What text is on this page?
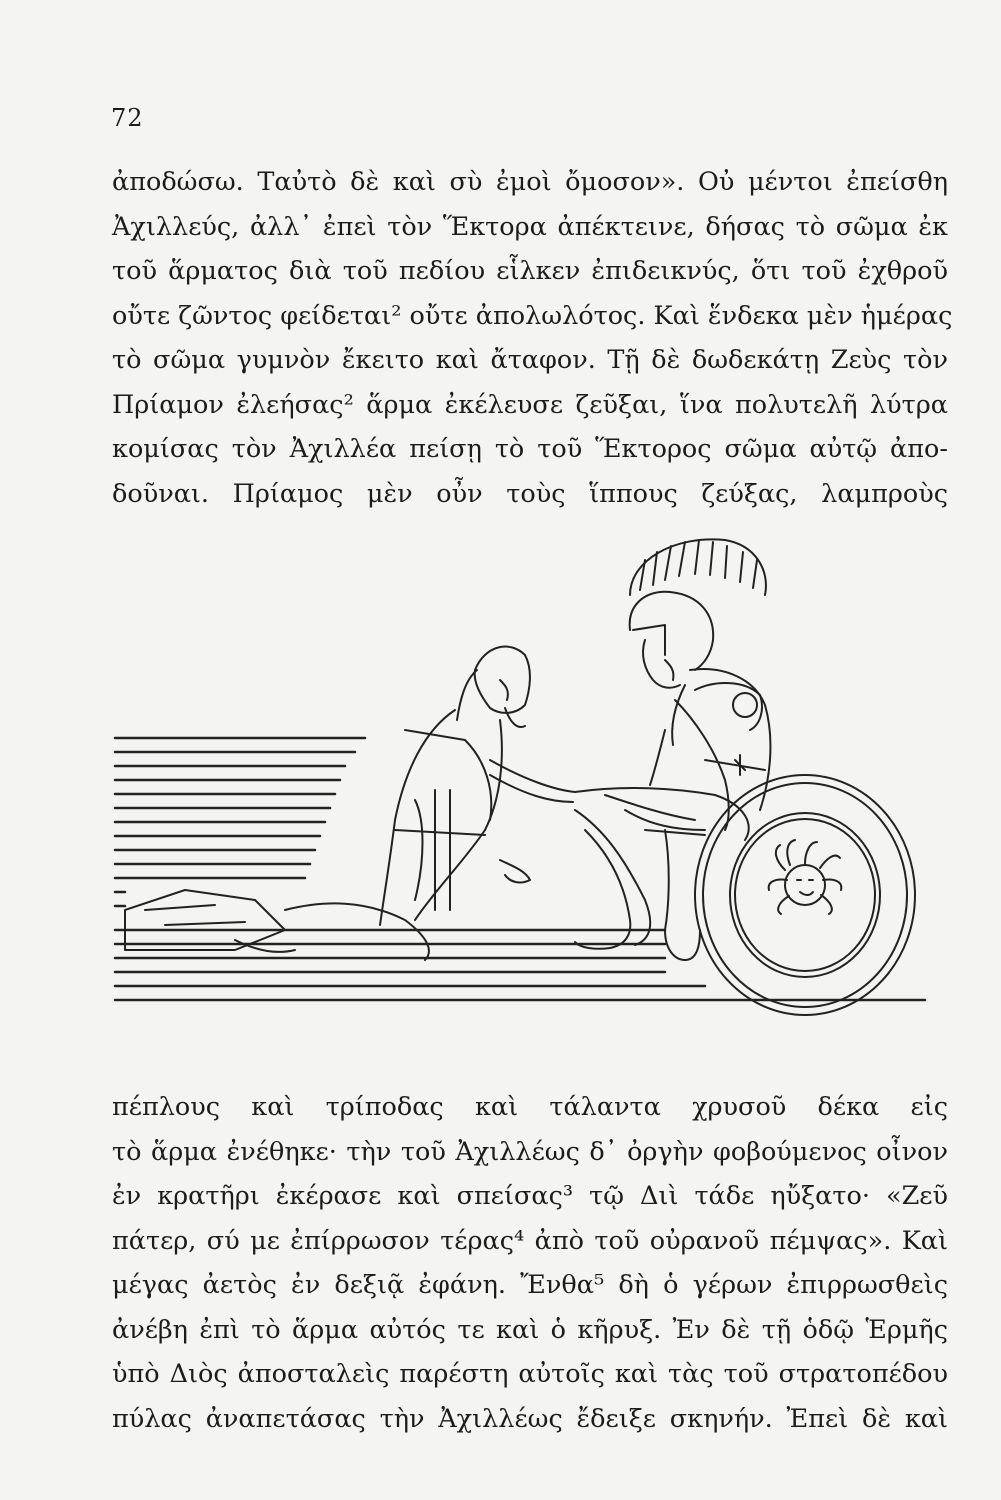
72
ἀποδώσω. Ταὐτὸ δὲ καὶ σὺ ἐμοὶ ὄμοσον». Οὐ μέντοι ἐπείσθη
Ἀχιλλεύς, ἀλλ᾽ ἐπεὶ τὸν Ἕκτορα ἀπέκτεινε, δήσας τὸ σῶμα ἐκ
τοῦ ἅρματος διὰ τοῦ πεδίου εἷλκεν ἐπιδεικνύς, ὅτι τοῦ ἐχθροῦ
οὔτε ζῶντος φείδεται² οὔτε ἀπολωλότος. Καὶ ἕνδεκα μὲν ἡμέρας
τὸ σῶμα γυμνὸν ἔκειτο καὶ ἄταφον. Τῇ δὲ δωδεκάτῃ Ζεὺς τὸν
Πρίαμον ἐλεήσας² ἅρμα ἐκέλευσε ζεῦξαι, ἵνα πολυτελῆ λύτρα
κομίσας τὸν Ἀχιλλέα πείσῃ τὸ τοῦ Ἕκτορος σῶμα αὐτῷ ἀπο-
δοῦναι. Πρίαμος μὲν οὖν τοὺς ἵππους ζεύξας, λαμπροὺς
πέπλους καὶ τρίποδας καὶ τάλαντα χρυσοῦ δέκα εἰς
τὸ ἅρμα ἐνέθηκε· τὴν τοῦ Ἀχιλλέως δ᾽ ὀργὴν φοβούμενος οἶνον
ἐν κρατῆρι ἐκέρασε καὶ σπείσας³ τῷ Διὶ τάδε ηὔξατο· «Ζεῦ
πάτερ, σύ με ἐπίρρωσον τέρας⁴ ἀπὸ τοῦ οὐρανοῦ πέμψας». Καὶ
μέγας ἀετὸς ἐν δεξιᾷ ἐφάνη. Ἔνθα⁵ δὴ ὁ γέρων ἐπιρρωσθεὶς
ἀνέβη ἐπὶ τὸ ἅρμα αὐτός τε καὶ ὁ κῆρυξ. Ἐν δὲ τῇ ὁδῷ Ἑρμῆς
ὑπὸ Διὸς ἀποσταλεὶς παρέστη αὐτοῖς καὶ τὰς τοῦ στρατοπέδου
πύλας ἀναπετάσας τὴν Ἀχιλλέως ἔδειξε σκηνήν. Ἐπεὶ δὲ καὶ
